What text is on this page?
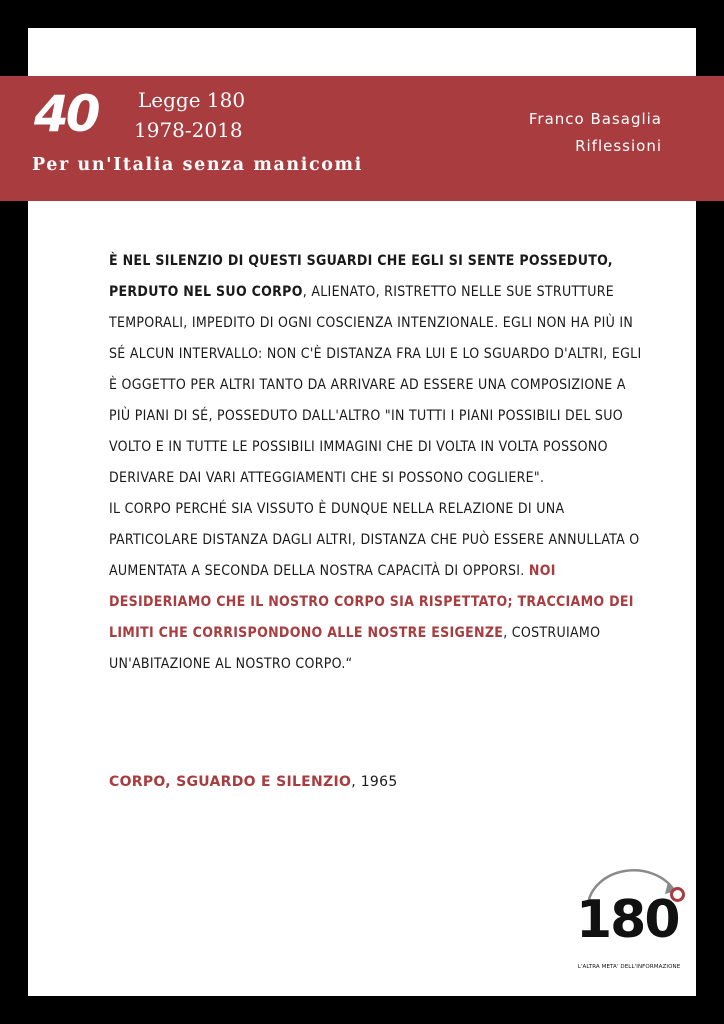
40 Legge 180
1978-2018
Per un'Italia senza manicomi
Franco Basaglia
Riflessioni

È NEL SILENZIO DI QUESTI SGUARDI CHE EGLI SI SENTE POSSEDUTO, PERDUTO NEL SUO CORPO, ALIENATO, RISTRETTO NELLE SUE STRUTTURE TEMPORALI, IMPEDITO DI OGNI COSCIENZA INTENZIONALE. EGLI NON HA PIÙ IN SÉ ALCUN INTERVALLO: NON C'È DISTANZA FRA LUI E LO SGUARDO D'ALTRI, EGLI È OGGETTO PER ALTRI TANTO DA ARRIVARE AD ESSERE UNA COMPOSIZIONE A PIÙ PIANI DI SÉ, POSSEDUTO DALL'ALTRO "IN TUTTI I PIANI POSSIBILI DEL SUO VOLTO E IN TUTTE LE POSSIBILI IMMAGINI CHE DI VOLTA IN VOLTA POSSONO DERIVARE DAI VARI ATTEGGIAMENTI CHE SI POSSONO COGLIERE".

IL CORPO PERCHÉ SIA VISSUTO È DUNQUE NELLA RELAZIONE DI UNA PARTICOLARE DISTANZA DAGLI ALTRI, DISTANZA CHE PUÒ ESSERE ANNULLATA O AUMENTATA A SECONDA DELLA NOSTRA CAPACITÀ DI OPPORSI. NOI DESIDERIAMO CHE IL NOSTRO CORPO SIA RISPETTATO; TRACCIAMO DEI LIMITI CHE CORRISPONDONO ALLE NOSTRE ESIGENZE, COSTRUIAMO UN'ABITAZIONE AL NOSTRO CORPO.“

CORPO, SGUARDO E SILENZIO, 1965
180
L'ALTRA META' DELL'INFORMAZIONE
